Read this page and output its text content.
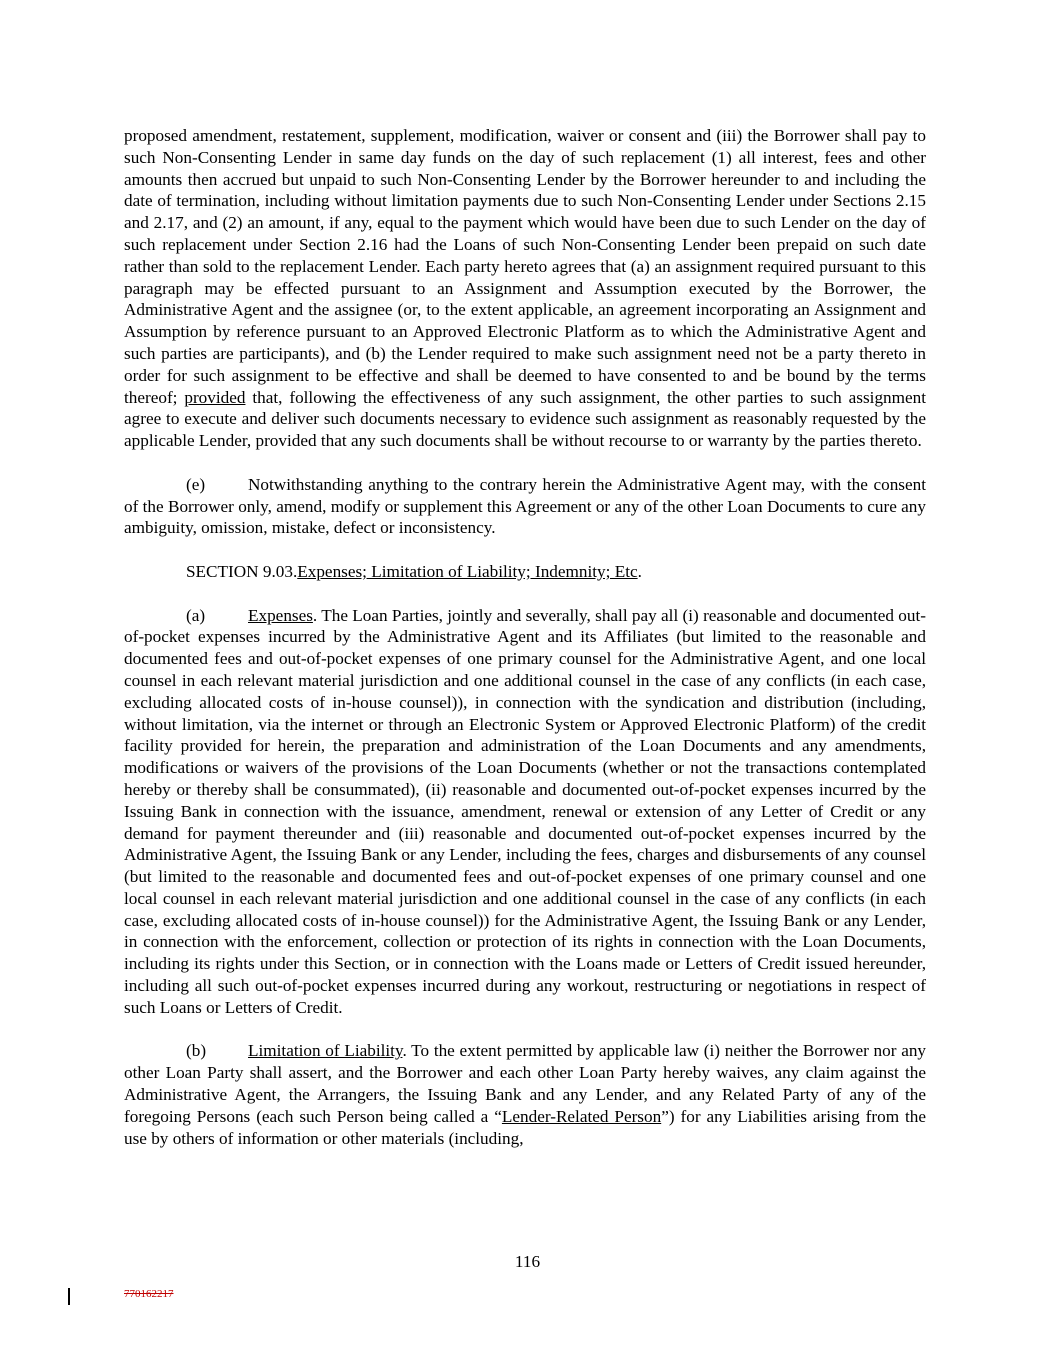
proposed amendment, restatement, supplement, modification, waiver or consent and (iii) the Borrower shall pay to such Non-Consenting Lender in same day funds on the day of such replacement (1) all interest, fees and other amounts then accrued but unpaid to such Non-Consenting Lender by the Borrower hereunder to and including the date of termination, including without limitation payments due to such Non-Consenting Lender under Sections 2.15 and 2.17, and (2) an amount, if any, equal to the payment which would have been due to such Lender on the day of such replacement under Section 2.16 had the Loans of such Non-Consenting Lender been prepaid on such date rather than sold to the replacement Lender. Each party hereto agrees that (a) an assignment required pursuant to this paragraph may be effected pursuant to an Assignment and Assumption executed by the Borrower, the Administrative Agent and the assignee (or, to the extent applicable, an agreement incorporating an Assignment and Assumption by reference pursuant to an Approved Electronic Platform as to which the Administrative Agent and such parties are participants), and (b) the Lender required to make such assignment need not be a party thereto in order for such assignment to be effective and shall be deemed to have consented to and be bound by the terms thereof; provided that, following the effectiveness of any such assignment, the other parties to such assignment agree to execute and deliver such documents necessary to evidence such assignment as reasonably requested by the applicable Lender, provided that any such documents shall be without recourse to or warranty by the parties thereto.

(e) Notwithstanding anything to the contrary herein the Administrative Agent may, with the consent of the Borrower only, amend, modify or supplement this Agreement or any of the other Loan Documents to cure any ambiguity, omission, mistake, defect or inconsistency.

SECTION 9.03.Expenses; Limitation of Liability; Indemnity; Etc.

(a) Expenses. The Loan Parties, jointly and severally, shall pay all (i) reasonable and documented out-of-pocket expenses incurred by the Administrative Agent and its Affiliates (but limited to the reasonable and documented fees and out-of-pocket expenses of one primary counsel for the Administrative Agent, and one local counsel in each relevant material jurisdiction and one additional counsel in the case of any conflicts (in each case, excluding allocated costs of in-house counsel)), in connection with the syndication and distribution (including, without limitation, via the internet or through an Electronic System or Approved Electronic Platform) of the credit facility provided for herein, the preparation and administration of the Loan Documents and any amendments, modifications or waivers of the provisions of the Loan Documents (whether or not the transactions contemplated hereby or thereby shall be consummated), (ii) reasonable and documented out-of-pocket expenses incurred by the Issuing Bank in connection with the issuance, amendment, renewal or extension of any Letter of Credit or any demand for payment thereunder and (iii) reasonable and documented out-of-pocket expenses incurred by the Administrative Agent, the Issuing Bank or any Lender, including the fees, charges and disbursements of any counsel (but limited to the reasonable and documented fees and out-of-pocket expenses of one primary counsel and one local counsel in each relevant material jurisdiction and one additional counsel in the case of any conflicts (in each case, excluding allocated costs of in-house counsel)) for the Administrative Agent, the Issuing Bank or any Lender, in connection with the enforcement, collection or protection of its rights in connection with the Loan Documents, including its rights under this Section, or in connection with the Loans made or Letters of Credit issued hereunder, including all such out-of-pocket expenses incurred during any workout, restructuring or negotiations in respect of such Loans or Letters of Credit.

(b) Limitation of Liability. To the extent permitted by applicable law (i) neither the Borrower nor any other Loan Party shall assert, and the Borrower and each other Loan Party hereby waives, any claim against the Administrative Agent, the Arrangers, the Issuing Bank and any Lender, and any Related Party of any of the foregoing Persons (each such Person being called a “Lender-Related Person”) for any Liabilities arising from the use by others of information or other materials (including,

116
770162217
